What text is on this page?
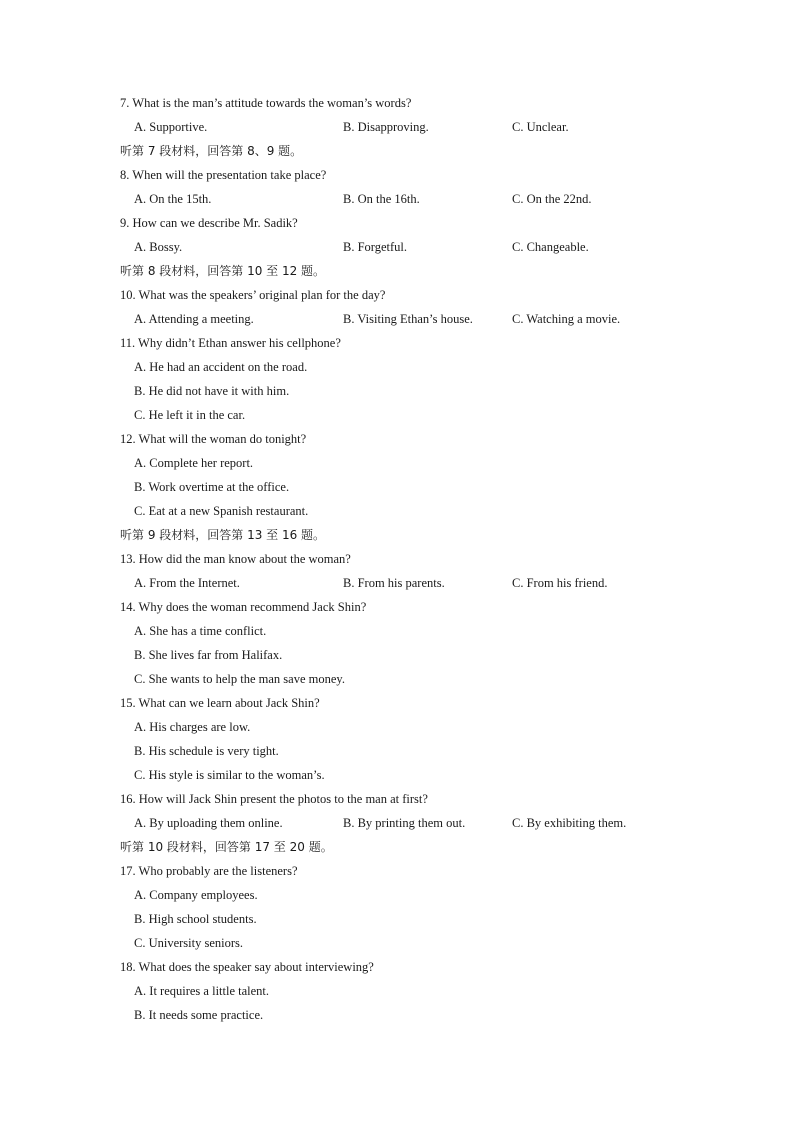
7. What is the man’s attitude towards the woman’s words?
A. Supportive.	B. Disapproving.	C. Unclear.
听第 7 段材料，回答第 8、9 题。
8. When will the presentation take place?
A. On the 15th.	B. On the 16th.	C. On the 22nd.
9. How can we describe Mr. Sadik?
A. Bossy.	B. Forgetful.	C. Changeable.
听第 8 段材料，回答第 10 至 12 题。
10. What was the speakers’ original plan for the day?
A. Attending a meeting.	B. Visiting Ethan’s house.	C. Watching a movie.
11. Why didn’t Ethan answer his cellphone?
A. He had an accident on the road.
B. He did not have it with him.
C. He left it in the car.
12. What will the woman do tonight?
A. Complete her report.
B. Work overtime at the office.
C. Eat at a new Spanish restaurant.
听第 9 段材料，回答第 13 至 16 题。
13. How did the man know about the woman?
A. From the Internet.	B. From his parents.	C. From his friend.
14. Why does the woman recommend Jack Shin?
A. She has a time conflict.
B. She lives far from Halifax.
C. She wants to help the man save money.
15. What can we learn about Jack Shin?
A. His charges are low.
B. His schedule is very tight.
C. His style is similar to the woman’s.
16. How will Jack Shin present the photos to the man at first?
A. By uploading them online.	B. By printing them out.	C. By exhibiting them.
听第 10 段材料，回答第 17 至 20 题。
17. Who probably are the listeners?
A. Company employees.
B. High school students.
C. University seniors.
18. What does the speaker say about interviewing?
A. It requires a little talent.
B. It needs some practice.
